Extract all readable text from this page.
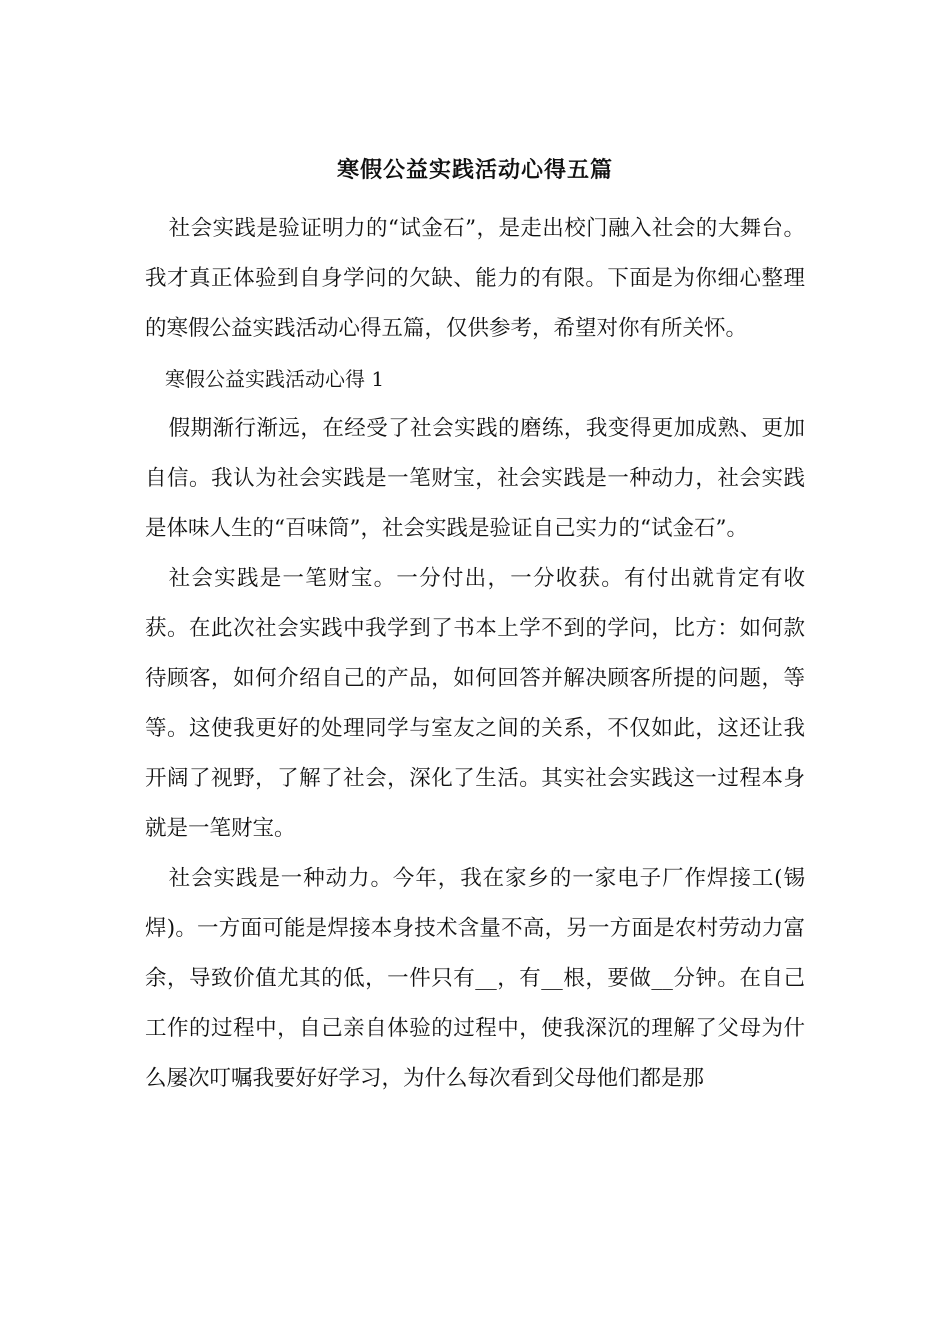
寒假公益实践活动心得五篇

社会实践是验证明力的“试金石”，是走出校门融入社会的大舞台。我才真正体验到自身学问的欠缺、能力的有限。下面是为你细心整理的寒假公益实践活动心得五篇，仅供参考，希望对你有所关怀。

寒假公益实践活动心得 1

假期渐行渐远，在经受了社会实践的磨练，我变得更加成熟、更加自信。我认为社会实践是一笔财宝，社会实践是一种动力，社会实践是体味人生的“百味筒”，社会实践是验证自己实力的“试金石”。

社会实践是一笔财宝。一分付出，一分收获。有付出就肯定有收获。在此次社会实践中我学到了书本上学不到的学问，比方：如何款待顾客，如何介绍自己的产品，如何回答并解决顾客所提的问题，等等。这使我更好的处理同学与室友之间的关系，不仅如此，这还让我开阔了视野，了解了社会，深化了生活。其实社会实践这一过程本身就是一笔财宝。

社会实践是一种动力。今年，我在家乡的一家电子厂作焊接工(锡焊)。一方面可能是焊接本身技术含量不高，另一方面是农村劳动力富余，导致价值尤其的低，一件只有__，有__根，要做__分钟。在自己工作的过程中，自己亲自体验的过程中，使我深沉的理解了父母为什么屡次叮嘱我要好好学习，为什么每次看到父母他们都是那
